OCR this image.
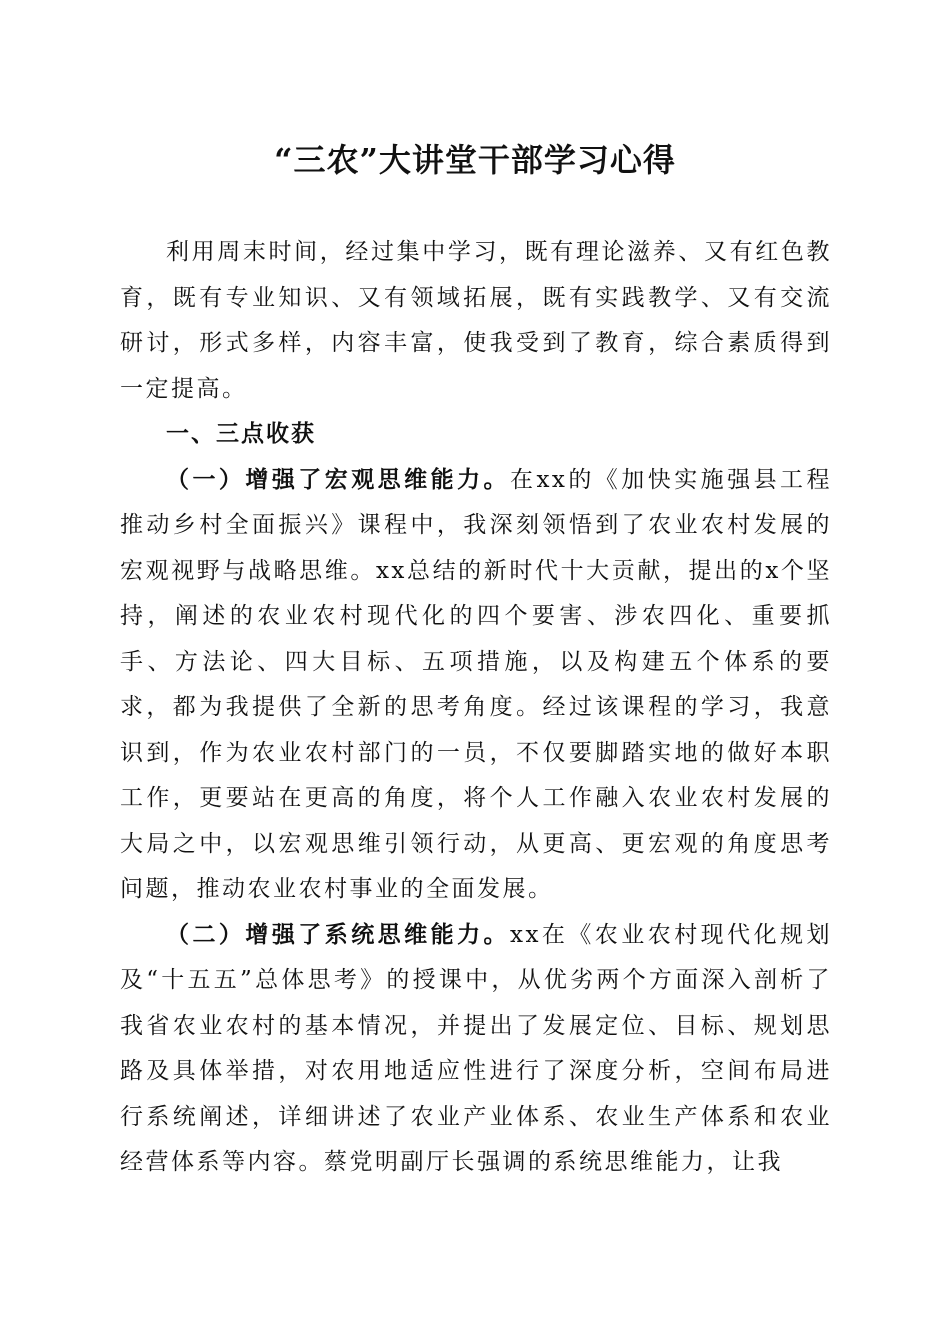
“三农”大讲堂干部学习心得

利用周末时间，经过集中学习，既有理论滋养、又有红色教育，既有专业知识、又有领域拓展，既有实践教学、又有交流研讨，形式多样，内容丰富，使我受到了教育，综合素质得到一定提高。

一、三点收获

（一）增强了宏观思维能力。在xx的《加快实施强县工程推动乡村全面振兴》课程中，我深刻领悟到了农业农村发展的宏观视野与战略思维。xx总结的新时代十大贡献，提出的x个坚持，阐述的农业农村现代化的四个要害、涉农四化、重要抓手、方法论、四大目标、五项措施，以及构建五个体系的要求，都为我提供了全新的思考角度。经过该课程的学习，我意识到，作为农业农村部门的一员，不仅要脚踏实地的做好本职工作，更要站在更高的角度，将个人工作融入农业农村发展的大局之中，以宏观思维引领行动，从更高、更宏观的角度思考问题，推动农业农村事业的全面发展。

（二）增强了系统思维能力。xx在《农业农村现代化规划及“十五五”总体思考》的授课中，从优劣两个方面深入剖析了我省农业农村的基本情况，并提出了发展定位、目标、规划思路及具体举措，对农用地适应性进行了深度分析，空间布局进行系统阐述，详细讲述了农业产业体系、农业生产体系和农业经营体系等内容。蔡党明副厅长强调的系统思维能力，让我
